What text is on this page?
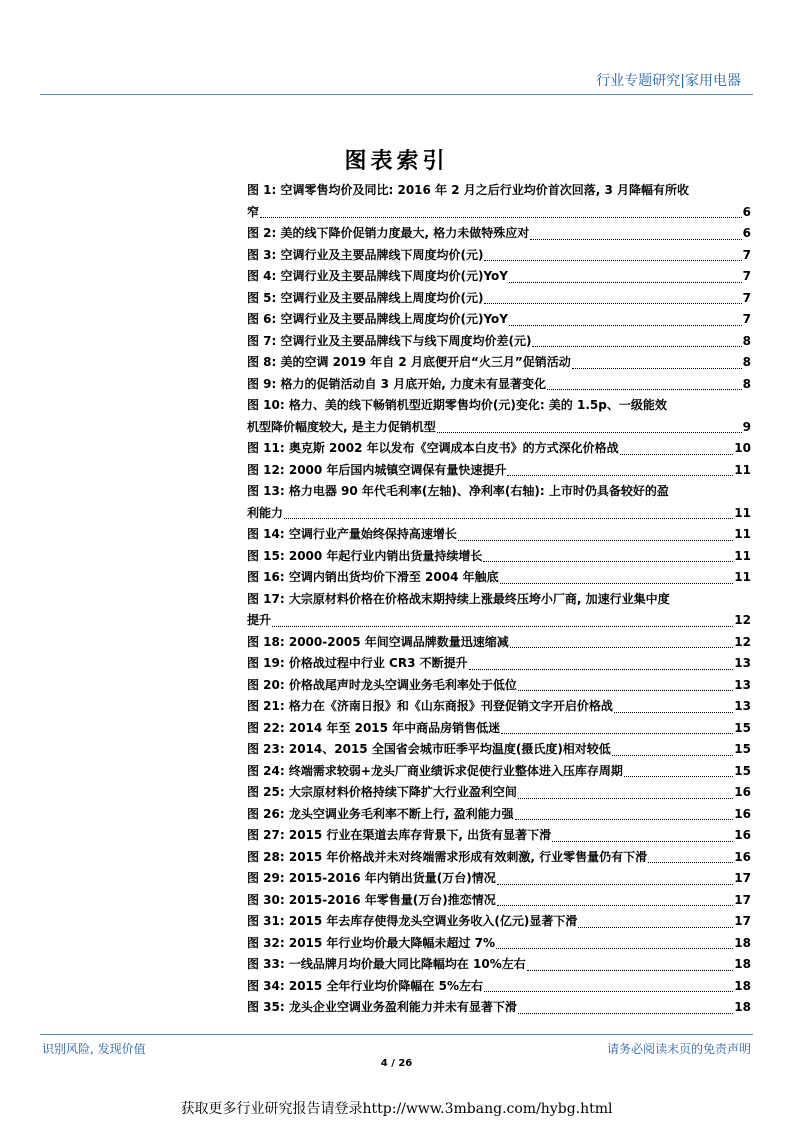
行业专题研究|家用电器
图表索引
图 1: 空调零售均价及同比: 2016 年 2 月之后行业均价首次回落, 3 月降幅有所收
窄	6
图 2: 美的线下降价促销力度最大, 格力未做特殊应对	6
图 3: 空调行业及主要品牌线下周度均价(元)	7
图 4: 空调行业及主要品牌线下周度均价(元)YoY	7
图 5: 空调行业及主要品牌线上周度均价(元)	7
图 6: 空调行业及主要品牌线上周度均价(元)YoY	7
图 7: 空调行业及主要品牌线下与线下周度均价差(元)	8
图 8: 美的空调 2019 年自 2 月底便开启“火三月”促销活动	8
图 9: 格力的促销活动自 3 月底开始, 力度未有显著变化	8
图 10: 格力、美的线下畅销机型近期零售均价(元)变化: 美的 1.5p、一级能效
机型降价幅度较大, 是主力促销机型	9
图 11: 奥克斯 2002 年以发布《空调成本白皮书》的方式深化价格战	10
图 12: 2000 年后国内城镇空调保有量快速提升	11
图 13: 格力电器 90 年代毛利率(左轴)、净利率(右轴): 上市时仍具备较好的盈
利能力	11
图 14: 空调行业产量始终保持高速增长	11
图 15: 2000 年起行业内销出货量持续增长	11
图 16: 空调内销出货均价下滑至 2004 年触底	11
图 17: 大宗原材料价格在价格战末期持续上涨最终压垮小厂商, 加速行业集中度
提升	12
图 18: 2000-2005 年间空调品牌数量迅速缩减	12
图 19: 价格战过程中行业 CR3 不断提升	13
图 20: 价格战尾声时龙头空调业务毛利率处于低位	13
图 21: 格力在《济南日报》和《山东商报》刊登促销文字开启价格战	13
图 22: 2014 年至 2015 年中商品房销售低迷	15
图 23: 2014、2015 全国省会城市旺季平均温度(摄氏度)相对较低	15
图 24: 终端需求较弱+龙头厂商业绩诉求促使行业整体进入压库存周期	15
图 25: 大宗原材料价格持续下降扩大行业盈利空间	16
图 26: 龙头空调业务毛利率不断上行, 盈利能力强	16
图 27: 2015 行业在渠道去库存背景下, 出货有显著下滑	16
图 28: 2015 年价格战并未对终端需求形成有效刺激, 行业零售量仍有下滑	16
图 29: 2015-2016 年内销出货量(万台)情况	17
图 30: 2015-2016 年零售量(万台)推恋情况	17
图 31: 2015 年去库存使得龙头空调业务收入(亿元)显著下滑	17
图 32: 2015 年行业均价最大降幅未超过 7%	18
图 33: 一线品牌月均价最大同比降幅均在 10%左右	18
图 34: 2015 全年行业均价降幅在 5%左右	18
图 35: 龙头企业空调业务盈利能力并未有显著下滑	18
识别风险, 发现价值	请务必阅读末页的免责声明
4 / 26
获取更多行业研究报告请登录http://www.3mbang.com/hybg.html
